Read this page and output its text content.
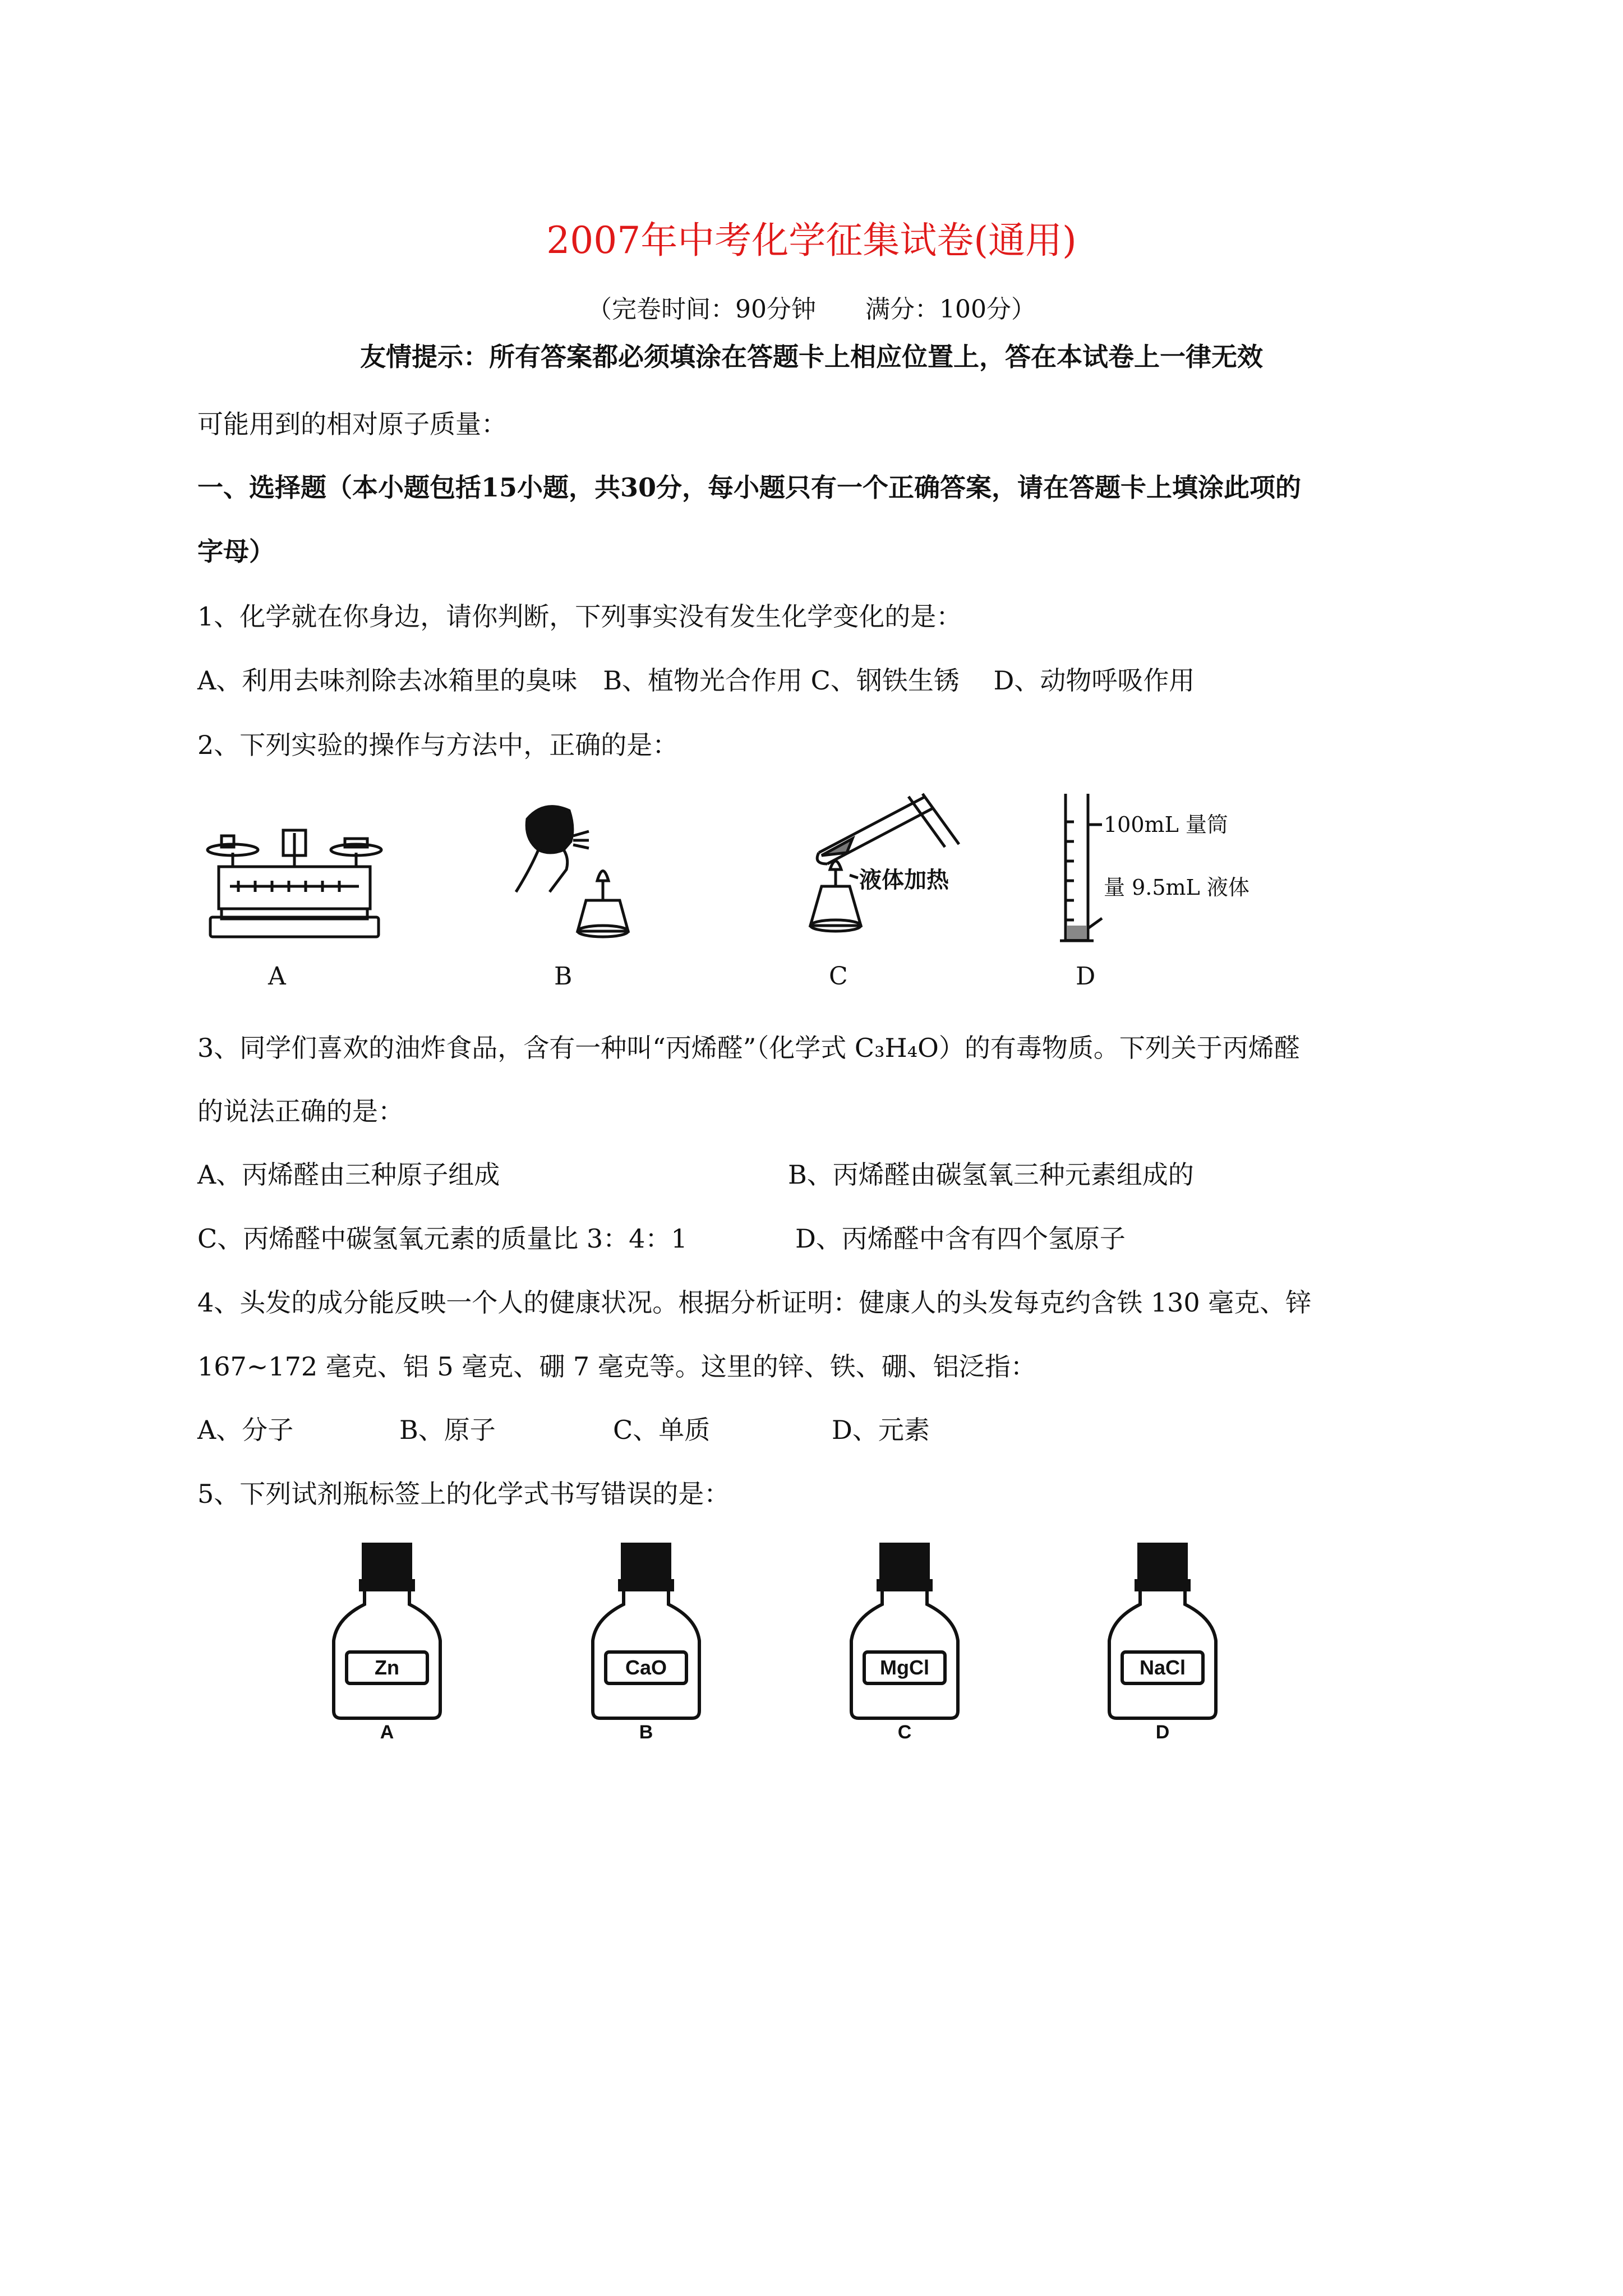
2007年中考化学征集试卷(通用)
（完卷时间：90分钟　　满分：100分）
友情提示：所有答案都必须填涂在答题卡上相应位置上，答在本试卷上一律无效
可能用到的相对原子质量：
一、选择题（本小题包括15小题，共30分，每小题只有一个正确答案，请在答题卡上填涂此项的
字母）
1、化学就在你身边，请你判断，下列事实没有发生化学变化的是：
A、利用去味剂除去冰箱里的臭味　B、植物光合作用 C、钢铁生锈　 D、动物呼吸作用
2、下列实验的操作与方法中，正确的是：
A	B
液体加热
C
100mL 量筒
量 9.5mL 液体
D
3、同学们喜欢的油炸食品，含有一种叫“丙烯醛”（化学式 C₃H₄O）的有毒物质。下列关于丙烯醛
的说法正确的是：
A、丙烯醛由三种原子组成	B、丙烯醛由碳氢氧三种元素组成的
C、丙烯醛中碳氢氧元素的质量比 3：4：1	D、丙烯醛中含有四个氢原子
4、头发的成分能反映一个人的健康状况。根据分析证明：健康人的头发每克约含铁 130 毫克、锌
167~172 毫克、铝 5 毫克、硼 7 毫克等。这里的锌、铁、硼、铝泛指：
A、分子	B、原子	C、单质	D、元素
5、下列试剂瓶标签上的化学式书写错误的是：
Zn
A
CaO
B
MgCl
C
NaCl
D
